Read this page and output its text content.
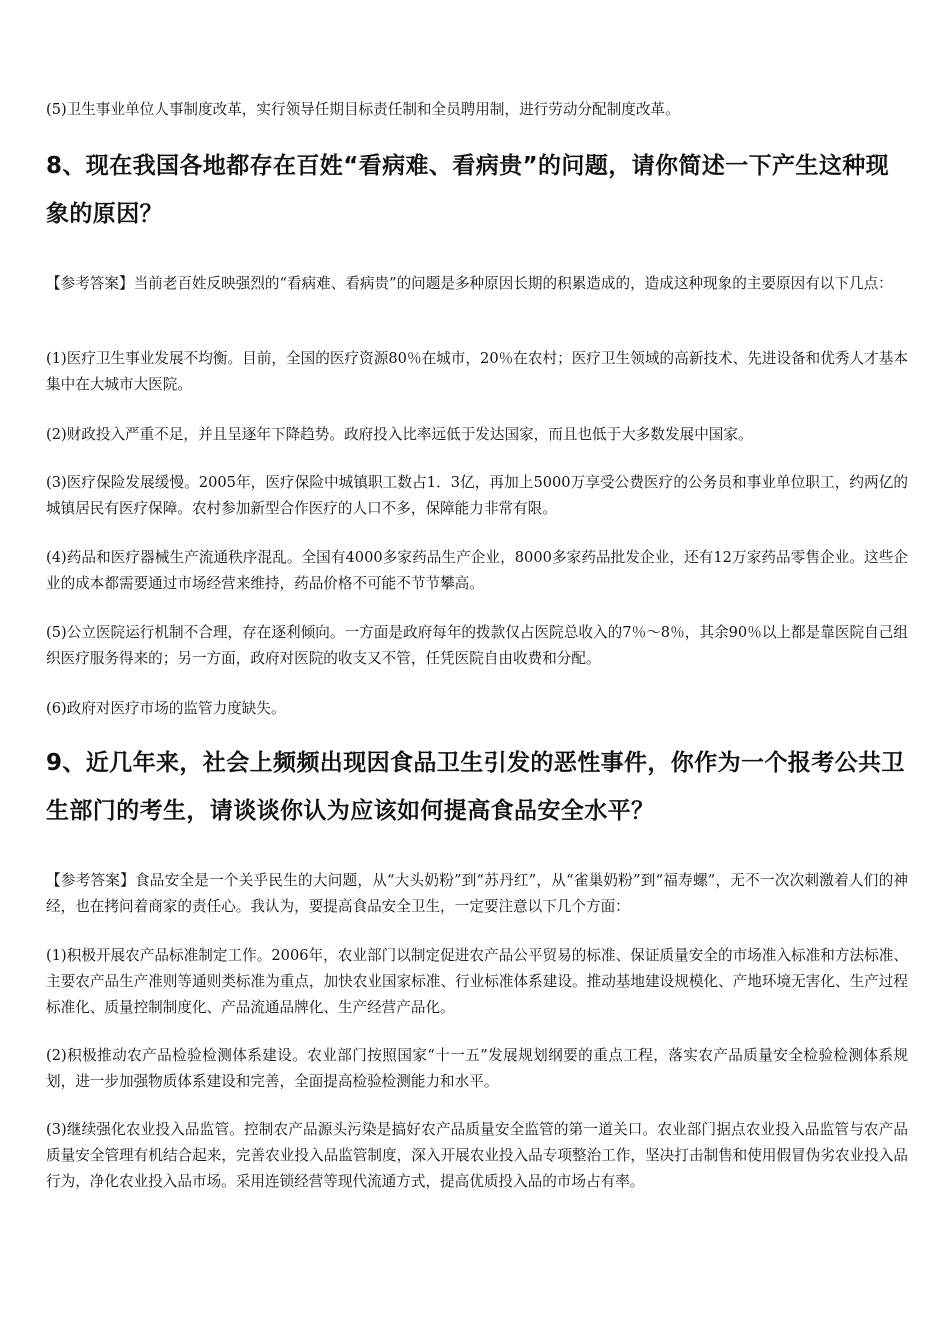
(5)卫生事业单位人事制度改革，实行领导任期目标责任制和全员聘用制，进行劳动分配制度改革。

8、现在我国各地都存在百姓“看病难、看病贵”的问题，请你简述一下产生这种现象的原因？

【参考答案】当前老百姓反映强烈的“看病难、看病贵”的问题是多种原因长期的积累造成的，造成这种现象的主要原因有以下几点：

(1)医疗卫生事业发展不均衡。目前，全国的医疗资源80％在城市，20％在农村；医疗卫生领域的高新技术、先进设备和优秀人才基本集中在大城市大医院。

(2)财政投入严重不足，并且呈逐年下降趋势。政府投入比率远低于发达国家，而且也低于大多数发展中国家。

(3)医疗保险发展缓慢。2005年，医疗保险中城镇职工数占1．3亿，再加上5000万享受公费医疗的公务员和事业单位职工，约两亿的城镇居民有医疗保障。农村参加新型合作医疗的人口不多，保障能力非常有限。

(4)药品和医疗器械生产流通秩序混乱。全国有4000多家药品生产企业，8000多家药品批发企业，还有12万家药品零售企业。这些企业的成本都需要通过市场经营来维持，药品价格不可能不节节攀高。

(5)公立医院运行机制不合理，存在逐利倾向。一方面是政府每年的拨款仅占医院总收入的7％～8％，其余90％以上都是靠医院自己组织医疗服务得来的；另一方面，政府对医院的收支又不管，任凭医院自由收费和分配。

(6)政府对医疗市场的监管力度缺失。

9、近几年来，社会上频频出现因食品卫生引发的恶性事件，你作为一个报考公共卫生部门的考生，请谈谈你认为应该如何提高食品安全水平？

【参考答案】食品安全是一个关乎民生的大问题，从“大头奶粉”到“苏丹红”，从“雀巢奶粉”到“福寿螺”，无不一次次刺激着人们的神经，也在拷问着商家的责任心。我认为，要提高食品安全卫生，一定要注意以下几个方面：

(1)积极开展农产品标准制定工作。2006年，农业部门以制定促进农产品公平贸易的标准、保证质量安全的市场准入标准和方法标准、主要农产品生产准则等通则类标准为重点，加快农业国家标准、行业标准体系建设。推动基地建设规模化、产地环境无害化、生产过程标准化、质量控制制度化、产品流通品牌化、生产经营产品化。

(2)积极推动农产品检验检测体系建设。农业部门按照国家“十一五”发展规划纲要的重点工程，落实农产品质量安全检验检测体系规划，进一步加强物质体系建设和完善，全面提高检验检测能力和水平。

(3)继续强化农业投入品监管。控制农产品源头污染是搞好农产品质量安全监管的第一道关口。农业部门据点农业投入品监管与农产品质量安全管理有机结合起来，完善农业投入品监管制度，深入开展农业投入品专项整治工作，坚决打击制售和使用假冒伪劣农业投入品行为，净化农业投入品市场。采用连锁经营等现代流通方式，提高优质投入品的市场占有率。
